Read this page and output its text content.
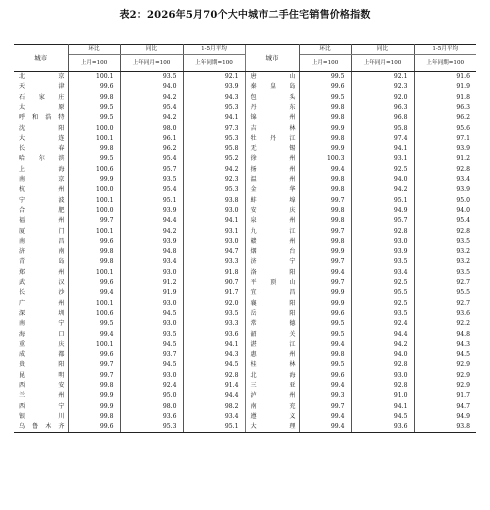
表2：2026年5月70个大中城市二手住宅销售价格指数
城市	环比	同比	1-5月平均	城市	环比	同比	1-5月平均
	上月=100	上年同月=100	上年同期=100		上月=100	上年同月=100	上年同期=100
北京	100.1	93.5	92.1	唐山	99.5	92.1	91.6
天津	99.6	94.0	93.9	秦皇岛	99.6	92.3	91.9
石家庄	99.8	94.2	94.3	包头	99.5	92.0	91.8
太原	99.5	95.4	95.3	丹东	99.8	96.3	96.3
呼和浩特	99.5	94.2	94.1	锦州	99.8	96.8	96.2
沈阳	100.0	98.0	97.3	吉林	99.9	95.8	95.6
大连	100.1	96.1	95.3	牡丹江	99.8	97.4	97.1
长春	99.8	96.2	95.8	无锡	99.9	94.1	93.9
哈尔滨	99.5	95.4	95.2	徐州	100.3	93.1	91.2
上海	100.6	95.7	94.2	扬州	99.4	92.5	92.8
南京	99.9	93.5	92.3	温州	99.8	94.0	93.4
杭州	100.0	95.4	95.3	金华	99.8	94.2	93.9
宁波	100.1	95.1	93.8	蚌埠	99.7	95.1	95.0
合肥	100.0	93.9	93.0	安庆	99.8	94.9	94.0
福州	99.7	94.4	94.1	泉州	99.8	95.7	95.4
厦门	100.1	94.2	93.1	九江	99.7	92.8	92.8
南昌	99.6	93.9	93.0	赣州	99.8	93.0	93.5
济南	99.8	94.8	94.7	烟台	99.9	93.9	93.2
青岛	99.8	93.4	93.3	济宁	99.7	93.5	93.2
郑州	100.1	93.0	91.8	洛阳	99.4	93.4	93.5
武汉	99.6	91.2	90.7	平顶山	99.7	92.5	92.7
长沙	99.4	91.9	91.7	宜昌	99.9	95.5	95.5
广州	100.1	93.0	92.0	襄阳	99.9	92.5	92.7
深圳	100.6	94.5	93.5	岳阳	99.6	93.5	93.6
南宁	99.5	93.0	93.3	常德	99.5	92.4	92.2
海口	99.4	93.5	93.6	韶关	99.5	94.4	94.8
重庆	100.1	94.5	94.1	湛江	99.4	94.2	94.3
成都	99.6	93.7	94.3	惠州	99.8	94.0	94.5
贵阳	99.7	94.5	94.5	桂林	99.5	92.8	92.9
昆明	99.7	93.0	92.8	北海	99.6	93.0	92.9
西安	99.8	92.4	91.4	三亚	99.4	92.8	92.9
兰州	99.9	95.0	94.4	泸州	99.3	91.0	91.7
西宁	99.9	98.0	98.2	南充	99.7	94.1	94.7
银川	99.8	93.6	93.4	遵义	99.4	94.5	94.9
乌鲁木齐	99.6	95.3	95.1	大理	99.4	93.6	93.8
